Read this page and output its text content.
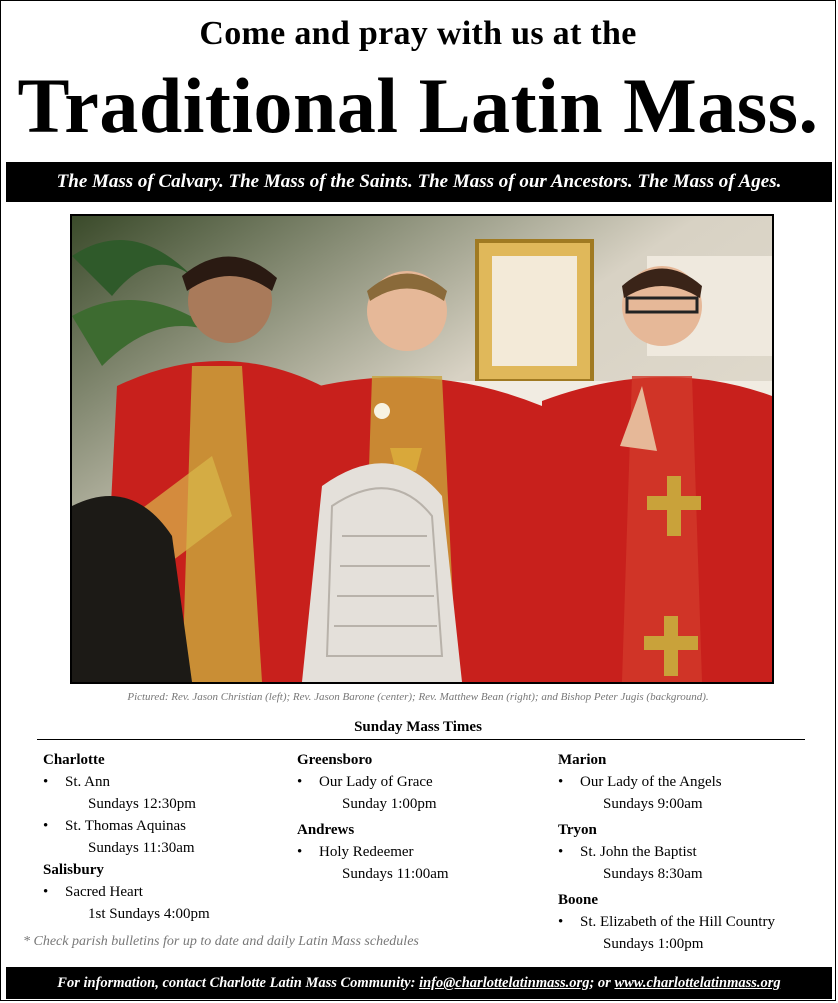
Come and pray with us at the
Traditional Latin Mass.
The Mass of Calvary. The Mass of the Saints. The Mass of our Ancestors. The Mass of Ages.
Pictured: Rev. Jason Christian (left); Rev. Jason Barone (center); Rev. Matthew Bean (right); and Bishop Peter Jugis (background).
Sunday Mass Times
Charlotte
• St. Ann
Sundays 12:30pm
• St. Thomas Aquinas
Sundays 11:30am
Salisbury
• Sacred Heart
1st Sundays 4:00pm
Greensboro
• Our Lady of Grace
Sunday 1:00pm
Andrews
• Holy Redeemer
Sundays 11:00am
Marion
• Our Lady of the Angels
Sundays 9:00am
Tryon
• St. John the Baptist
Sundays 8:30am
Boone
• St. Elizabeth of the Hill Country
Sundays 1:00pm
* Check parish bulletins for up to date and daily Latin Mass schedules
For information, contact Charlotte Latin Mass Community: info@charlottelatinmass.org; or www.charlottelatinmass.org
